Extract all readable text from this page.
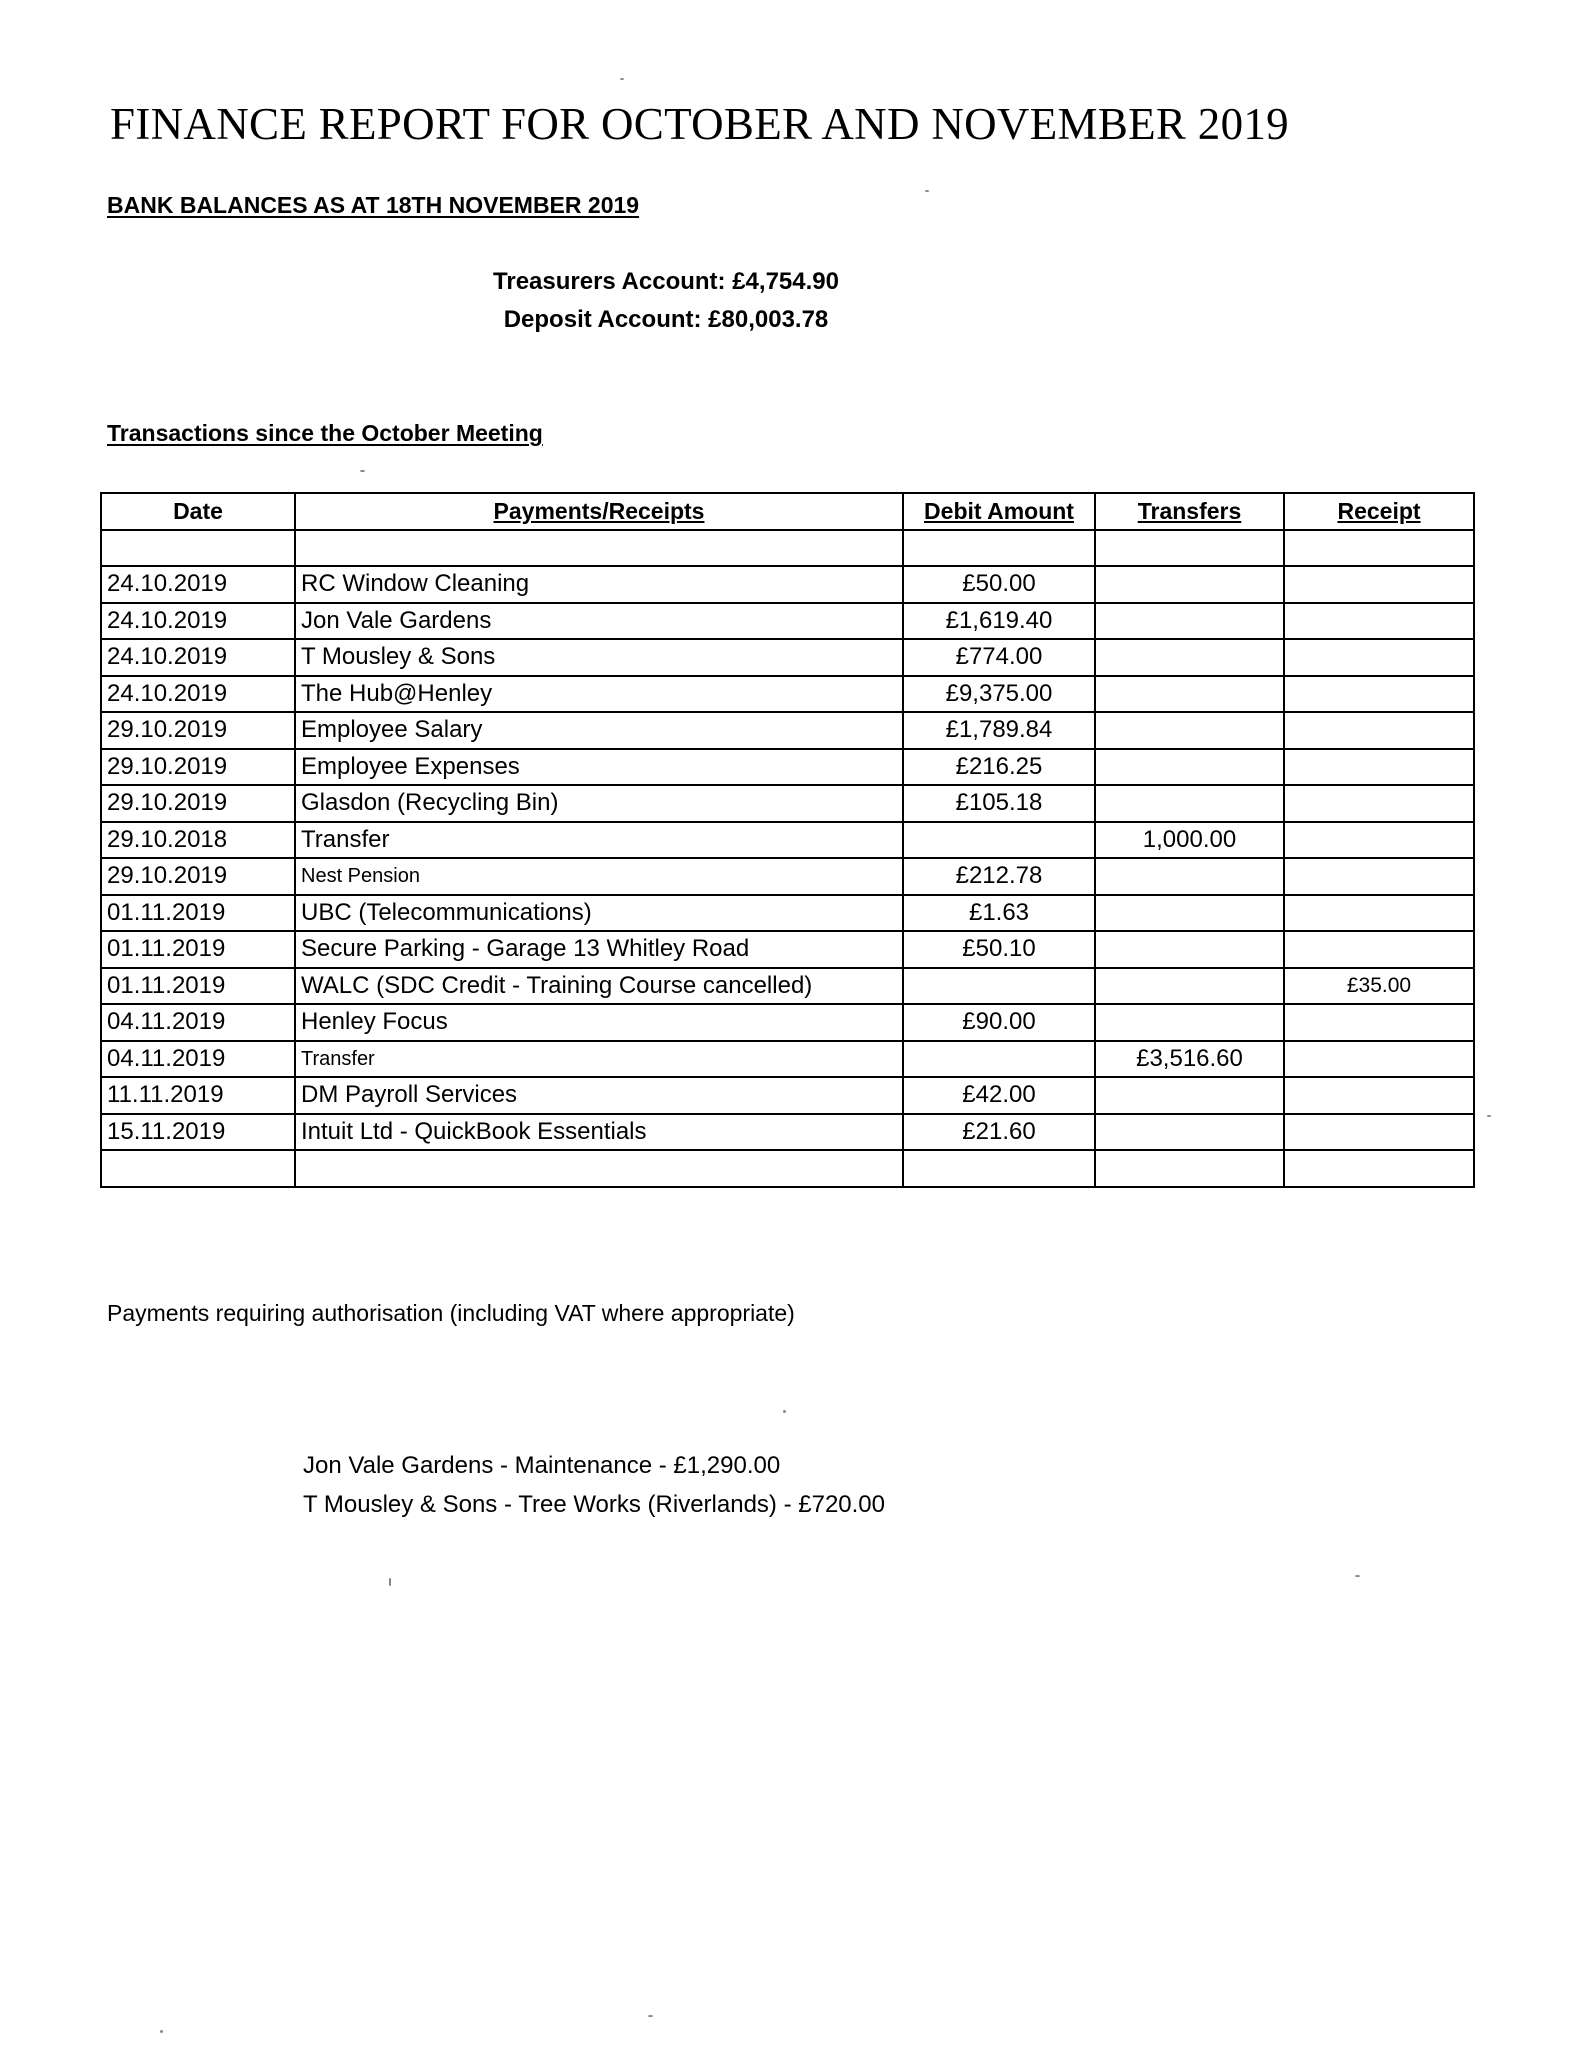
FINANCE REPORT FOR OCTOBER AND NOVEMBER 2019
BANK BALANCES AS AT 18TH NOVEMBER 2019
Treasurers Account: £4,754.90
Deposit Account: £80,003.78
Transactions since the October Meeting
Date	Payments/Receipts	Debit Amount	Transfers	Receipt

24.10.2019	RC Window Cleaning	£50.00		
24.10.2019	Jon Vale Gardens	£1,619.40		
24.10.2019	T Mousley & Sons	£774.00		
24.10.2019	The Hub@Henley	£9,375.00		
29.10.2019	Employee Salary	£1,789.84		
29.10.2019	Employee Expenses	£216.25		
29.10.2019	Glasdon (Recycling Bin)	£105.18		
29.10.2018	Transfer		1,000.00	
29.10.2019	Nest Pension	£212.78		
01.11.2019	UBC (Telecommunications)	£1.63		
01.11.2019	Secure Parking - Garage 13 Whitley Road	£50.10		
01.11.2019	WALC (SDC Credit - Training Course cancelled)			£35.00
04.11.2019	Henley Focus	£90.00		
04.11.2019	Transfer		£3,516.60	
11.11.2019	DM Payroll Services	£42.00		
15.11.2019	Intuit Ltd - QuickBook Essentials	£21.60		

Payments requiring authorisation (including VAT where appropriate)

Jon Vale Gardens - Maintenance - £1,290.00
T Mousley & Sons - Tree Works (Riverlands) - £720.00
